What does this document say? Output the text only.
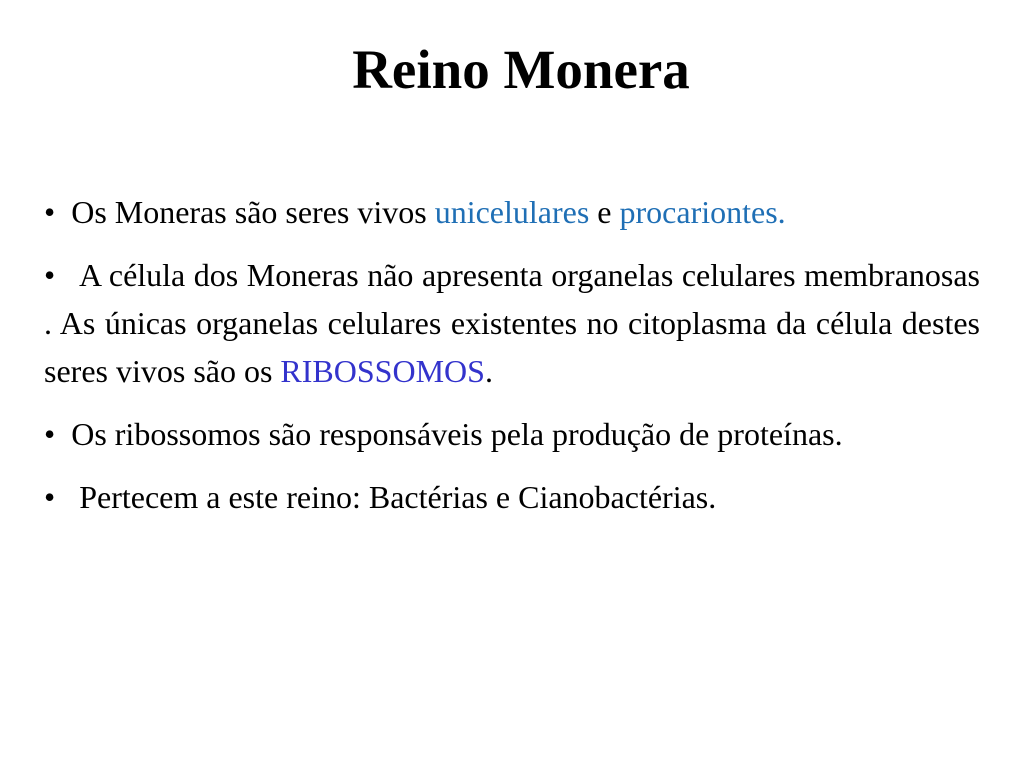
Reino Monera

• Os Moneras são seres vivos unicelulares e procariontes.

• A célula dos Moneras não apresenta organelas celulares membranosas . As únicas organelas celulares existentes no citoplasma da célula destes seres vivos são os RIBOSSOMOS.

• Os ribossomos são responsáveis pela produção de proteínas.

• Pertecem a este reino: Bactérias e Cianobactérias.
